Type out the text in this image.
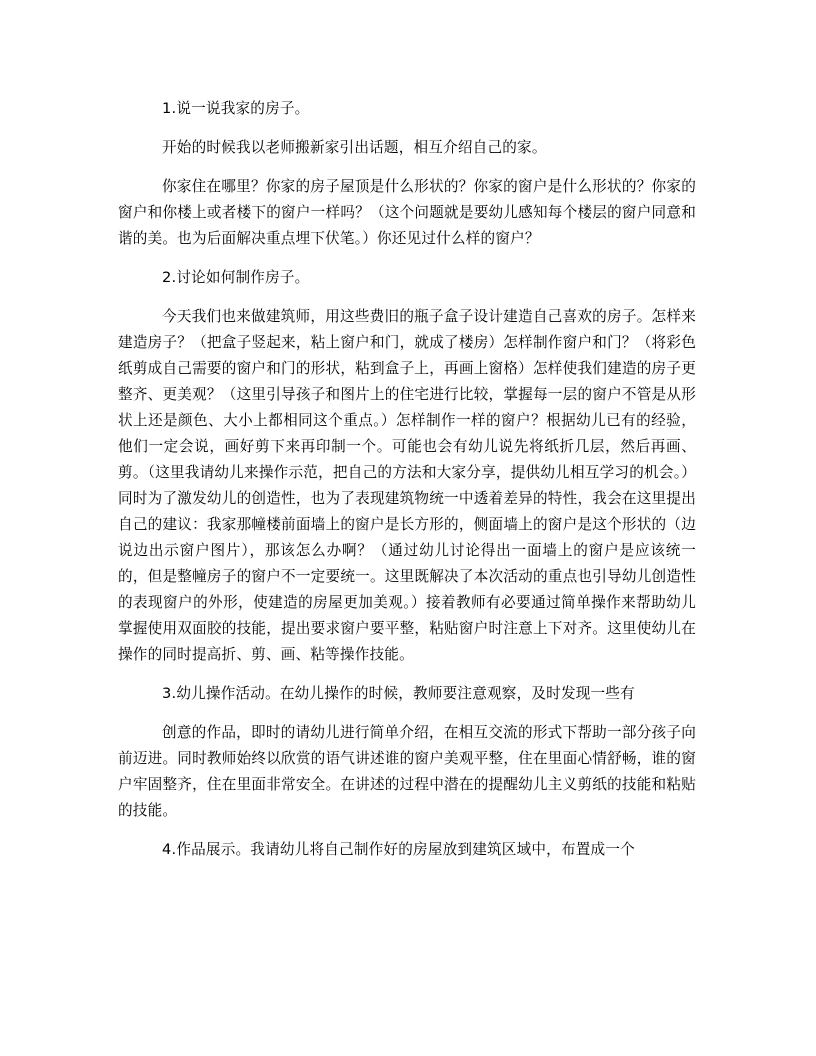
1.说一说我家的房子。

开始的时候我以老师搬新家引出话题，相互介绍自己的家。

你家住在哪里？你家的房子屋顶是什么形状的？你家的窗户是什么形状的？你家的窗户和你楼上或者楼下的窗户一样吗？（这个问题就是要幼儿感知每个楼层的窗户同意和谐的美。也为后面解决重点埋下伏笔。）你还见过什么样的窗户？

2.讨论如何制作房子。

今天我们也来做建筑师，用这些费旧的瓶子盒子设计建造自己喜欢的房子。怎样来建造房子？（把盒子竖起来，粘上窗户和门，就成了楼房）怎样制作窗户和门？（将彩色纸剪成自己需要的窗户和门的形状，粘到盒子上，再画上窗格）怎样使我们建造的房子更整齐、更美观？（这里引导孩子和图片上的住宅进行比较，掌握每一层的窗户不管是从形状上还是颜色、大小上都相同这个重点。）怎样制作一样的窗户？根据幼儿已有的经验，他们一定会说，画好剪下来再印制一个。可能也会有幼儿说先将纸折几层，然后再画、剪。（这里我请幼儿来操作示范，把自己的方法和大家分享，提供幼儿相互学习的机会。）同时为了激发幼儿的创造性，也为了表现建筑物统一中透着差异的特性，我会在这里提出自己的建议：我家那幢楼前面墙上的窗户是长方形的，侧面墙上的窗户是这个形状的（边说边出示窗户图片），那该怎么办啊？（通过幼儿讨论得出一面墙上的窗户是应该统一的，但是整幢房子的窗户不一定要统一。这里既解决了本次活动的重点也引导幼儿创造性的表现窗户的外形，使建造的房屋更加美观。）接着教师有必要通过简单操作来帮助幼儿掌握使用双面胶的技能，提出要求窗户要平整，粘贴窗户时注意上下对齐。这里使幼儿在操作的同时提高折、剪、画、粘等操作技能。

3.幼儿操作活动。在幼儿操作的时候，教师要注意观察，及时发现一些有

创意的作品，即时的请幼儿进行简单介绍，在相互交流的形式下帮助一部分孩子向前迈进。同时教师始终以欣赏的语气讲述谁的窗户美观平整，住在里面心情舒畅，谁的窗户牢固整齐，住在里面非常安全。在讲述的过程中潜在的提醒幼儿主义剪纸的技能和粘贴的技能。

4.作品展示。我请幼儿将自己制作好的房屋放到建筑区域中，布置成一个
